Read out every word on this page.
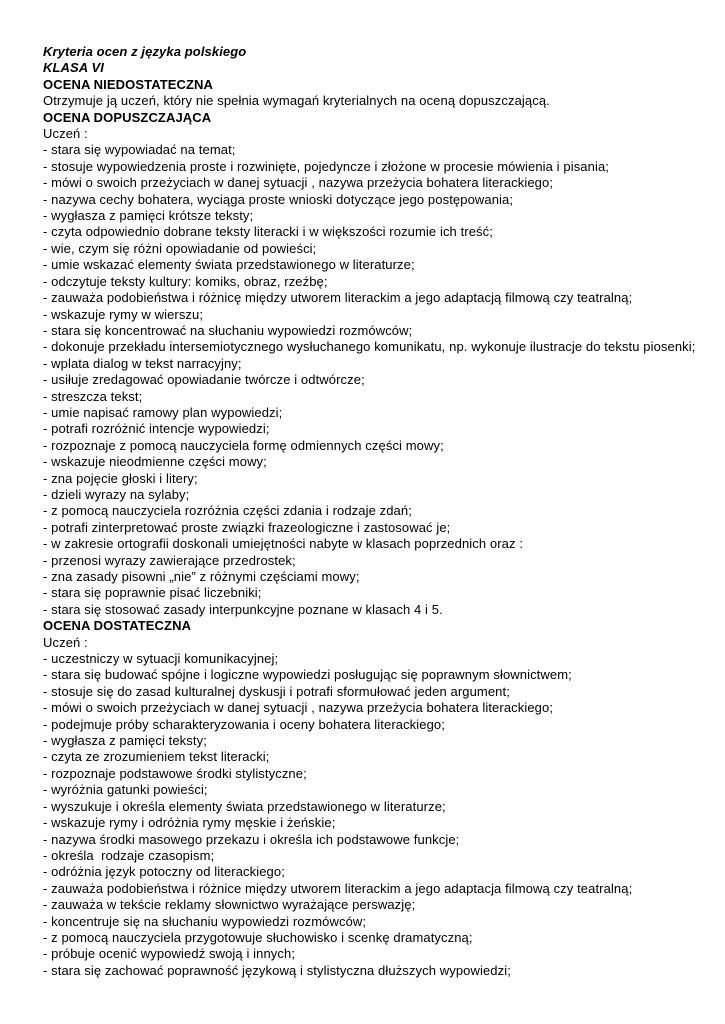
Kryteria ocen z języka polskiego

KLASA VI

OCENA NIEDOSTATECZNA

Otrzymuje ją uczeń, który nie spełnia wymagań kryterialnych na oceną dopuszczającą.

OCENA DOPUSZCZAJĄCA

Uczeń :

- stara się wypowiadać na temat;

- stosuje wypowiedzenia proste i rozwinięte, pojedyncze i złożone w procesie mówienia i pisania;

- mówi o swoich przeżyciach w danej sytuacji , nazywa przeżycia bohatera literackiego;

- nazywa cechy bohatera, wyciąga proste wnioski dotyczące jego postępowania;

- wygłasza z pamięci krótsze teksty;

- czyta odpowiednio dobrane teksty literacki i w większości rozumie ich treść;

- wie, czym się różni opowiadanie od powieści;

- umie wskazać elementy świata przedstawionego w literaturze;

- odczytuje teksty kultury: komiks, obraz, rzeźbę;

- zauważa podobieństwa i różnicę między utworem literackim a jego adaptacją filmową czy teatralną;

- wskazuje rymy w wierszu;

- stara się koncentrować na słuchaniu wypowiedzi rozmówców;

- dokonuje przekładu intersemiotycznego wysłuchanego komunikatu, np. wykonuje ilustracje do tekstu piosenki;

- wplata dialog w tekst narracyjny;

- usiłuje zredagować opowiadanie twórcze i odtwórcze;

- streszcza tekst;

- umie napisać ramowy plan wypowiedzi;

- potrafi rozróżnić intencje wypowiedzi;

- rozpoznaje z pomocą nauczyciela formę odmiennych części mowy;

- wskazuje nieodmienne części mowy;

- zna pojęcie głoski i litery;

- dzieli wyrazy na sylaby;

- z pomocą nauczyciela rozróżnia części zdania i rodzaje zdań;

- potrafi zinterpretować proste związki frazeologiczne i zastosować je;

- w zakresie ortografii doskonali umiejętności nabyte w klasach poprzednich oraz :

- przenosi wyrazy zawierające przedrostek;

- zna zasady pisowni „nie” z różnymi częściami mowy;

- stara się poprawnie pisać liczebniki;

- stara się stosować zasady interpunkcyjne poznane w klasach 4 i 5.

OCENA DOSTATECZNA

Uczeń :

- uczestniczy w sytuacji komunikacyjnej;

- stara się budować spójne i logiczne wypowiedzi posługując się poprawnym słownictwem;

- stosuje się do zasad kulturalnej dyskusji i potrafi sformułować jeden argument;

- mówi o swoich przeżyciach w danej sytuacji , nazywa przeżycia bohatera literackiego;

- podejmuje próby scharakteryzowania i oceny bohatera literackiego;

- wygłasza z pamięci teksty;

- czyta ze zrozumieniem tekst literacki;

- rozpoznaje podstawowe środki stylistyczne;

- wyróżnia gatunki powieści;

- wyszukuje i określa elementy świata przedstawionego w literaturze;

- wskazuje rymy i odróżnia rymy męskie i żeńskie;

- nazywa środki masowego przekazu i określa ich podstawowe funkcje;

- określa  rodzaje czasopism;

- odróżnia język potoczny od literackiego;

- zauważa podobieństwa i różnice między utworem literackim a jego adaptacja filmową czy teatralną;

- zauważa w tekście reklamy słownictwo wyrażające perswazję;

- koncentruje się na słuchaniu wypowiedzi rozmówców;

- z pomocą nauczyciela przygotowuje słuchowisko i scenkę dramatyczną;

- próbuje ocenić wypowiedź swoją i innych;

- stara się zachować poprawność językową i stylistyczna dłuższych wypowiedzi;
